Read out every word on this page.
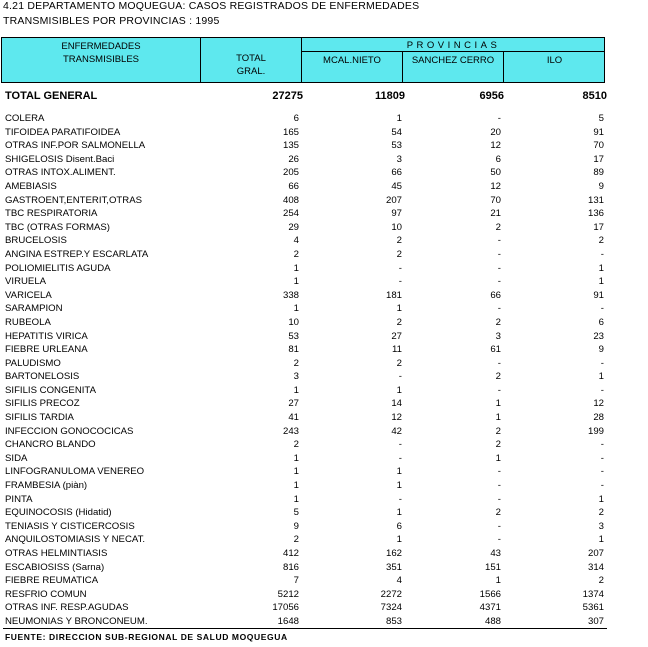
4.21 DEPARTAMENTO MOQUEGUA: CASOS REGISTRADOS DE ENFERMEDADES
TRANSMISIBLES POR PROVINCIAS : 1995
ENFERMEDADES
TRANSMISIBLES	TOTAL
GRAL.
PROVINCIAS
MCAL.NIETO	SANCHEZ CERRO	ILO
TOTAL GENERAL	27275	11809	6956	8510
COLERA	6	1	-	5
TIFOIDEA PARATIFOIDEA	165	54	20	91
OTRAS INF.POR SALMONELLA	135	53	12	70
SHIGELOSIS Disent.Baci	26	3	6	17
OTRAS INTOX.ALIMENT.	205	66	50	89
AMEBIASIS	66	45	12	9
GASTROENT,ENTERIT,OTRAS	408	207	70	131
TBC RESPIRATORIA	254	97	21	136
TBC (OTRAS FORMAS)	29	10	2	17
BRUCELOSIS	4	2	-	2
ANGINA ESTREP.Y ESCARLATA	2	2	-	-
POLIOMIELITIS AGUDA	1	-	-	1
VIRUELA	1	-	-	1
VARICELA	338	181	66	91
SARAMPION	1	1	-	-
RUBEOLA	10	2	2	6
HEPATITIS VIRICA	53	27	3	23
FIEBRE URLEANA	81	11	61	9
PALUDISMO	2	2	-	-
BARTONELOSIS	3	-	2	1
SIFILIS CONGENITA	1	1	-	-
SIFILIS PRECOZ	27	14	1	12
SIFILIS TARDIA	41	12	1	28
INFECCION GONOCOCICAS	243	42	2	199
CHANCRO BLANDO	2	-	2	-
SIDA	1	-	1	-
LINFOGRANULOMA VENEREO	1	1	-	-
FRAMBESIA (piàn)	1	1	-	-
PINTA	1	-	-	1
EQUINOCOSIS (Hidatid)	5	1	2	2
TENIASIS Y CISTICERCOSIS	9	6	-	3
ANQUILOSTOMIASIS Y NECAT.	2	1	-	1
OTRAS HELMINTIASIS	412	162	43	207
ESCABIOSISS (Sarna)	816	351	151	314
FIEBRE REUMATICA	7	4	1	2
RESFRIO COMUN	5212	2272	1566	1374
OTRAS INF. RESP.AGUDAS	17056	7324	4371	5361
NEUMONIAS Y BRONCONEUM.	1648	853	488	307
FUENTE: DIRECCION SUB-REGIONAL DE SALUD MOQUEGUA
